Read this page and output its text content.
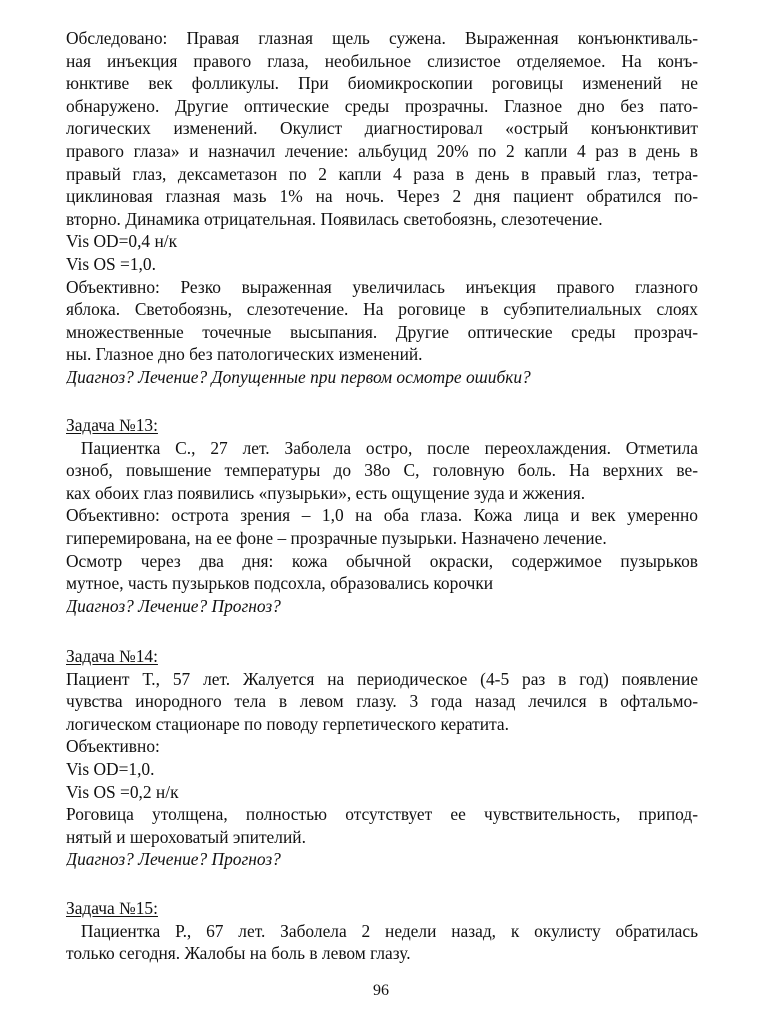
Обследовано: Правая глазная щель сужена. Выраженная конъюнктиваль-
ная инъекция правого глаза, необильное слизистое отделяемое. На конъ-
юнктиве век фолликулы. При биомикроскопии роговицы изменений не
обнаружено. Другие оптические среды прозрачны. Глазное дно без пато-
логических изменений. Окулист диагностировал «острый конъюнктивит
правого глаза» и назначил лечение: альбуцид 20% по 2 капли 4 раз в день в
правый глаз, дексаметазон по 2 капли 4 раза в день в правый глаз, тетра-
циклиновая глазная мазь 1% на ночь. Через 2 дня пациент обратился по-
вторно. Динамика отрицательная. Появилась светобоязнь, слезотечение.
Vis OD=0,4 н/к
Vis OS =1,0.
Объективно: Резко выраженная увеличилась инъекция правого глазного
яблока. Светобоязнь, слезотечение. На роговице в субэпителиальных слоях
множественные точечные высыпания. Другие оптические среды прозрач-
ны. Глазное дно без патологических изменений.
Диагноз? Лечение? Допущенные при первом осмотре ошибки?
Задача №13:
Пациентка С., 27 лет. Заболела остро, после переохлаждения. Отметила
озноб, повышение температуры до 38о С, головную боль. На верхних ве-
ках обоих глаз появились «пузырьки», есть ощущение зуда и жжения.
Объективно: острота зрения – 1,0 на оба глаза. Кожа лица и век умеренно
гиперемирована, на ее фоне – прозрачные пузырьки. Назначено лечение.
Осмотр через два дня: кожа обычной окраски, содержимое пузырьков
мутное, часть пузырьков подсохла, образовались корочки
Диагноз? Лечение? Прогноз?
Задача №14:
Пациент Т., 57 лет. Жалуется на периодическое (4-5 раз в год) появление
чувства инородного тела в левом глазу. 3 года назад лечился в офтальмо-
логическом стационаре по поводу герпетического кератита.
Объективно:
Vis OD=1,0.
Vis OS =0,2 н/к
Роговица утолщена, полностью отсутствует ее чувствительность, припод-
нятый и шероховатый эпителий.
Диагноз? Лечение? Прогноз?
Задача №15:
Пациентка Р., 67 лет. Заболела 2 недели назад, к окулисту обратилась
только сегодня. Жалобы на боль в левом глазу.
96
